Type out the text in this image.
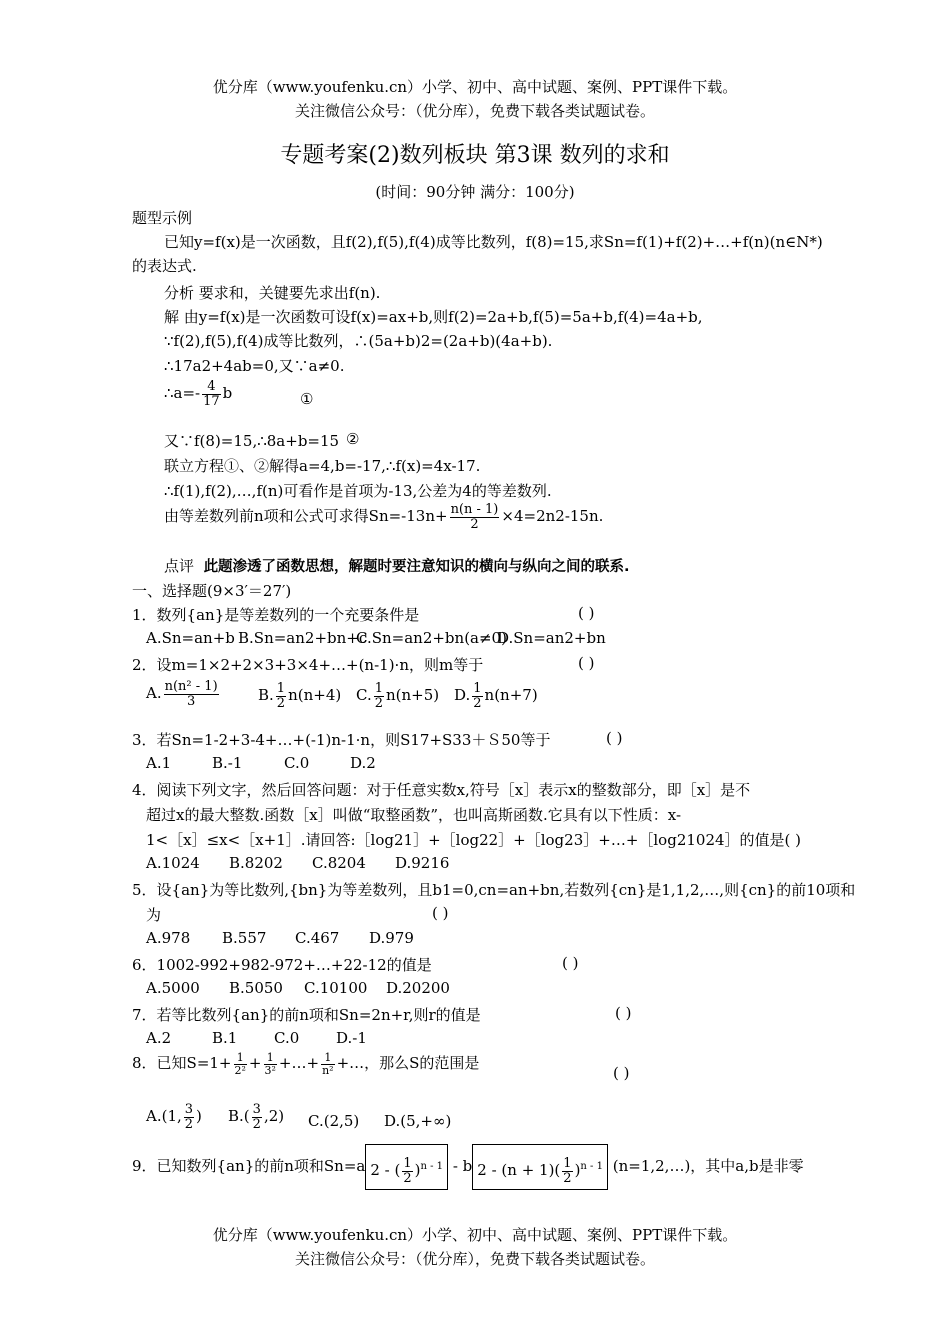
优分库（www.youfenku.cn）小学、初中、高中试题、案例、PPT课件下载。
关注微信公众号：（优分库），免费下载各类试题试卷。
专题考案(2)数列板块 第3课 数列的求和
(时间：90分钟 满分：100分)
题型示例
已知y=f(x)是一次函数，且f(2),f(5),f(4)成等比数列，f(8)=15,求Sn=f(1)+f(2)+…+f(n)(n∈N*)的表达式.
分析 要求和，关键要先求出f(n).
解 由y=f(x)是一次函数可设f(x)=ax+b,则f(2)=2a+b,f(5)=5a+b,f(4)=4a+b,
∵f(2),f(5),f(4)成等比数列，∴(5a+b)2=(2a+b)(4a+b).
∴17a2+4ab=0,又∵a≠0.
∴a=- $\frac{4}{17}$ b	①
又∵f(8)=15,∴8a+b=15 ②
联立方程①、②解得a=4,b=-17,∴f(x)=4x-17.
∴f(1),f(2),…,f(n)可看作是首项为-13,公差为4的等差数列.
由等差数列前n项和公式可求得$Sn=-13n+ \frac{n(n - 1)}{2} \times 4=2n2-15n$.
点评 此题渗透了函数思想，解题时要注意知识的横向与纵向之间的联系.
一、选择题(9×3′＝27′)
1．数列{an}是等差数列的一个充要条件是	( )
A.Sn=an+b B.Sn=an2+bn+c
C.Sn=an2+bn(a≠0)
D.Sn=an2+bn
2．设m=1×2+2×3+3×4+…+(n-1)·n，则m等于	( )
A. $\frac{\text{n(n² - 1)}}{3}$	B. $\frac{1}{2} n(n+4)$ C. $\frac{1}{2} n(n+5)$ D. $\frac{1}{2} n(n+7)$
3．若Sn=1-2+3-4+…+(-1)n-1·n，则S17+S33＋Ｓ50等于	( )
A.1	B.-1	C.0	D.2
4．阅读下列文字，然后回答问题：对于任意实数x,符号［x］表示x的整数部分，即［x］是不
超过x的最大整数.函数［x］叫做“取整函数”，也叫高斯函数.它具有以下性质：x-
1<［x］≤x<［x+1］.请回答:［log21］+［log22］+［log23］+…+［log21024］的值是( )
A.1024 B.8202 C.8204 D.9216
5．设{an}为等比数列,{bn}为等差数列，且b1=0,cn=an+bn,若数列{cn}是1,1,2,…,则{cn}的前10项和
为	( )
A.978 B.557 C.467 D.979
6．1002-992+982-972+…+22-12的值是	( )
A.5000 B.5050 C.10100 D.20200
7．若等比数列{an}的前n项和Sn=2n+r,则r的值是	( )
A.2	B.1 C.0 D.-1
8．已知$S=1+ \frac{1}{\text{2²}} + \frac{1}{\text{3²}}$ +…+ $\frac{1}{\text{n²}}$ +…，那么S的范围是
( )
A.(1, $\frac{3}{2}$ ) $B.( \frac{3}{2} ,2)$ C.(2,5) D.(5,+∞)
9．已知数列{an}的前n项和Sn=a 2 - ( $\frac{1}{2} )^{n - 1}$ - b $2 - (n + 1)( \frac{1}{2} )^{n - 1}$ (n=1,2,…)，其中a,b是非零
优分库（www.youfenku.cn）小学、初中、高中试题、案例、PPT课件下载。
关注微信公众号：（优分库），免费下载各类试题试卷。
